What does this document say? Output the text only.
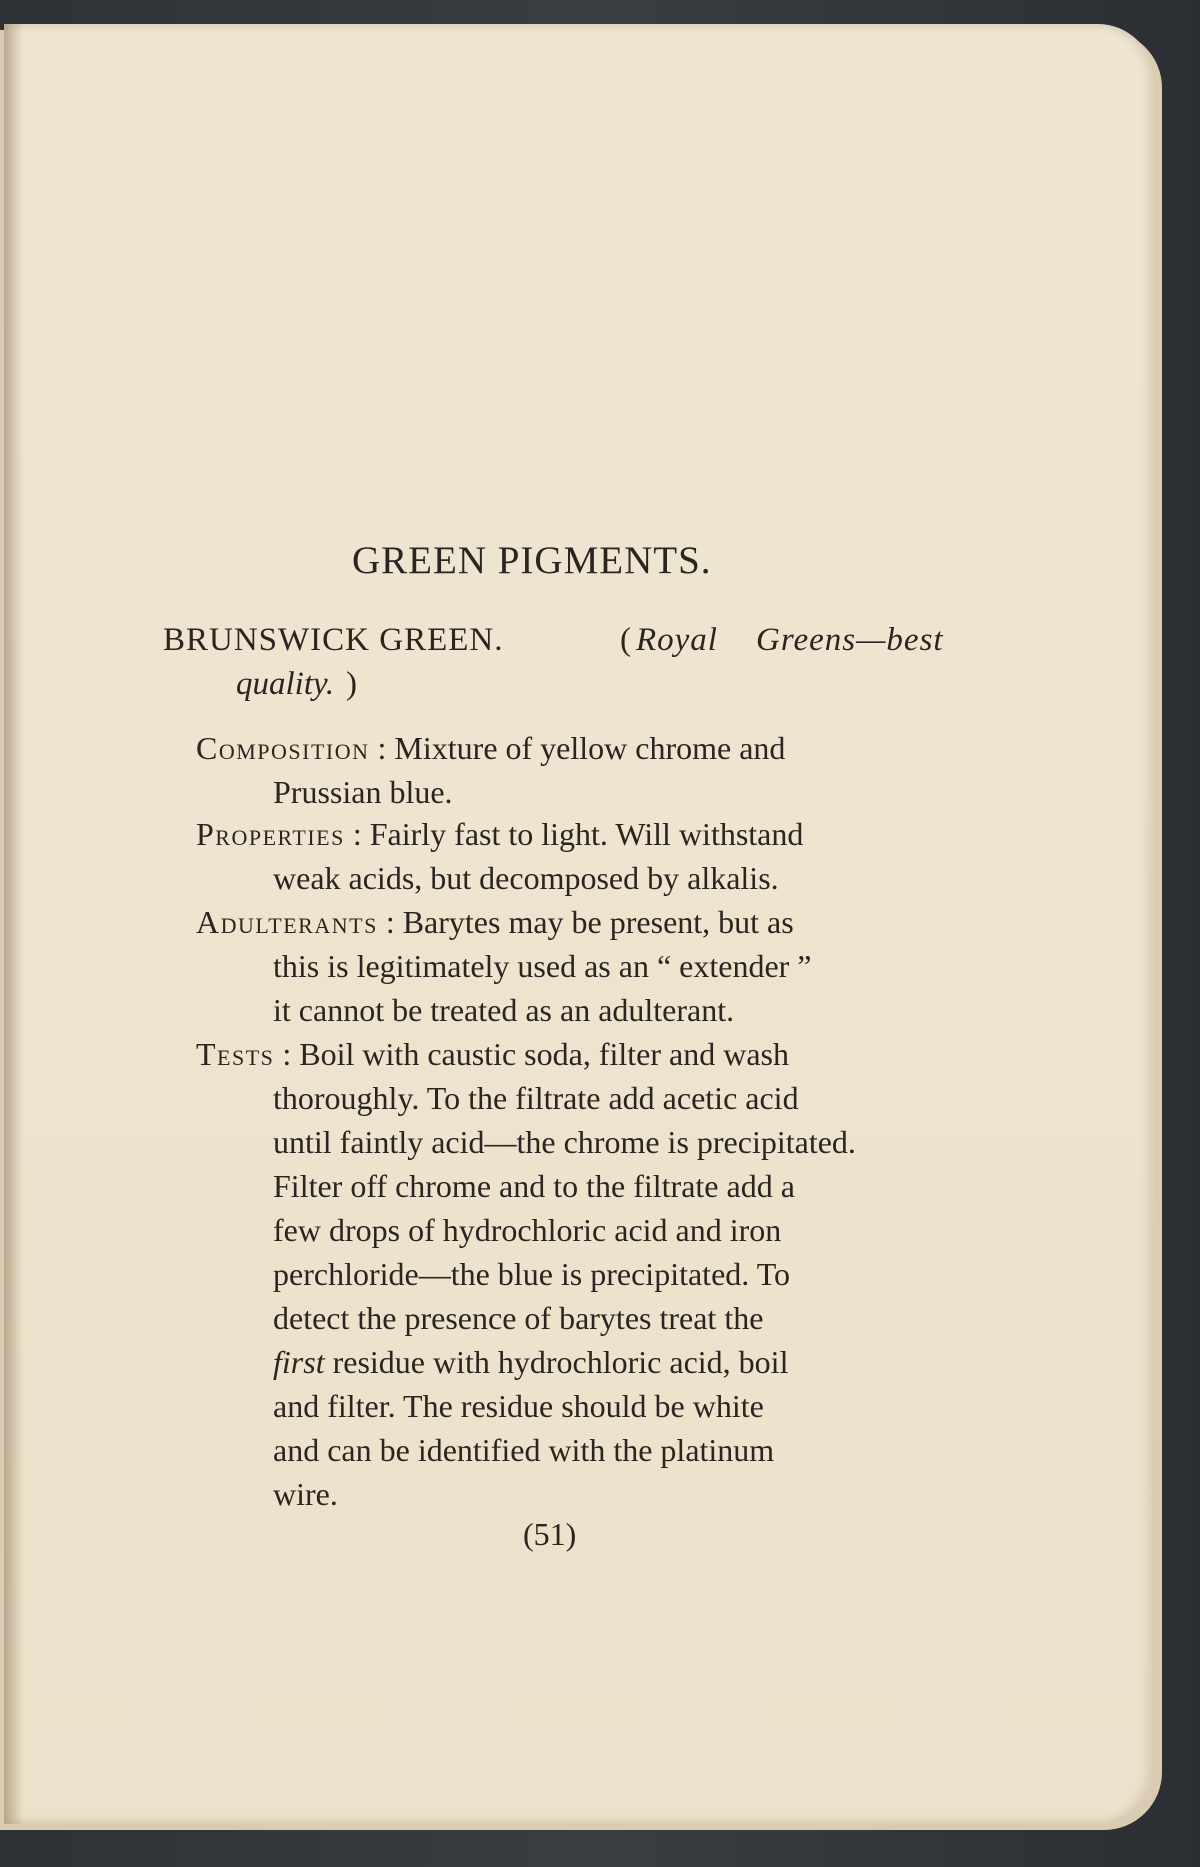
GREEN PIGMENTS.
BRUNSWICK GREEN.	( Royal Greens—best
quality. )
Composition : Mixture of yellow chrome and
Prussian blue.
Properties : Fairly fast to light. Will withstand
weak acids, but decomposed by alkalis.
Adulterants : Barytes may be present, but as
this is legitimately used as an “ extender ”
it cannot be treated as an adulterant.
Tests : Boil with caustic soda, filter and wash
thoroughly. To the filtrate add acetic acid
until faintly acid—the chrome is precipitated.
Filter off chrome and to the filtrate add a
few drops of hydrochloric acid and iron
perchloride—the blue is precipitated. To
detect the presence of barytes treat the
first residue with hydrochloric acid, boil
and filter. The residue should be white
and can be identified with the platinum
wire.
(51)
